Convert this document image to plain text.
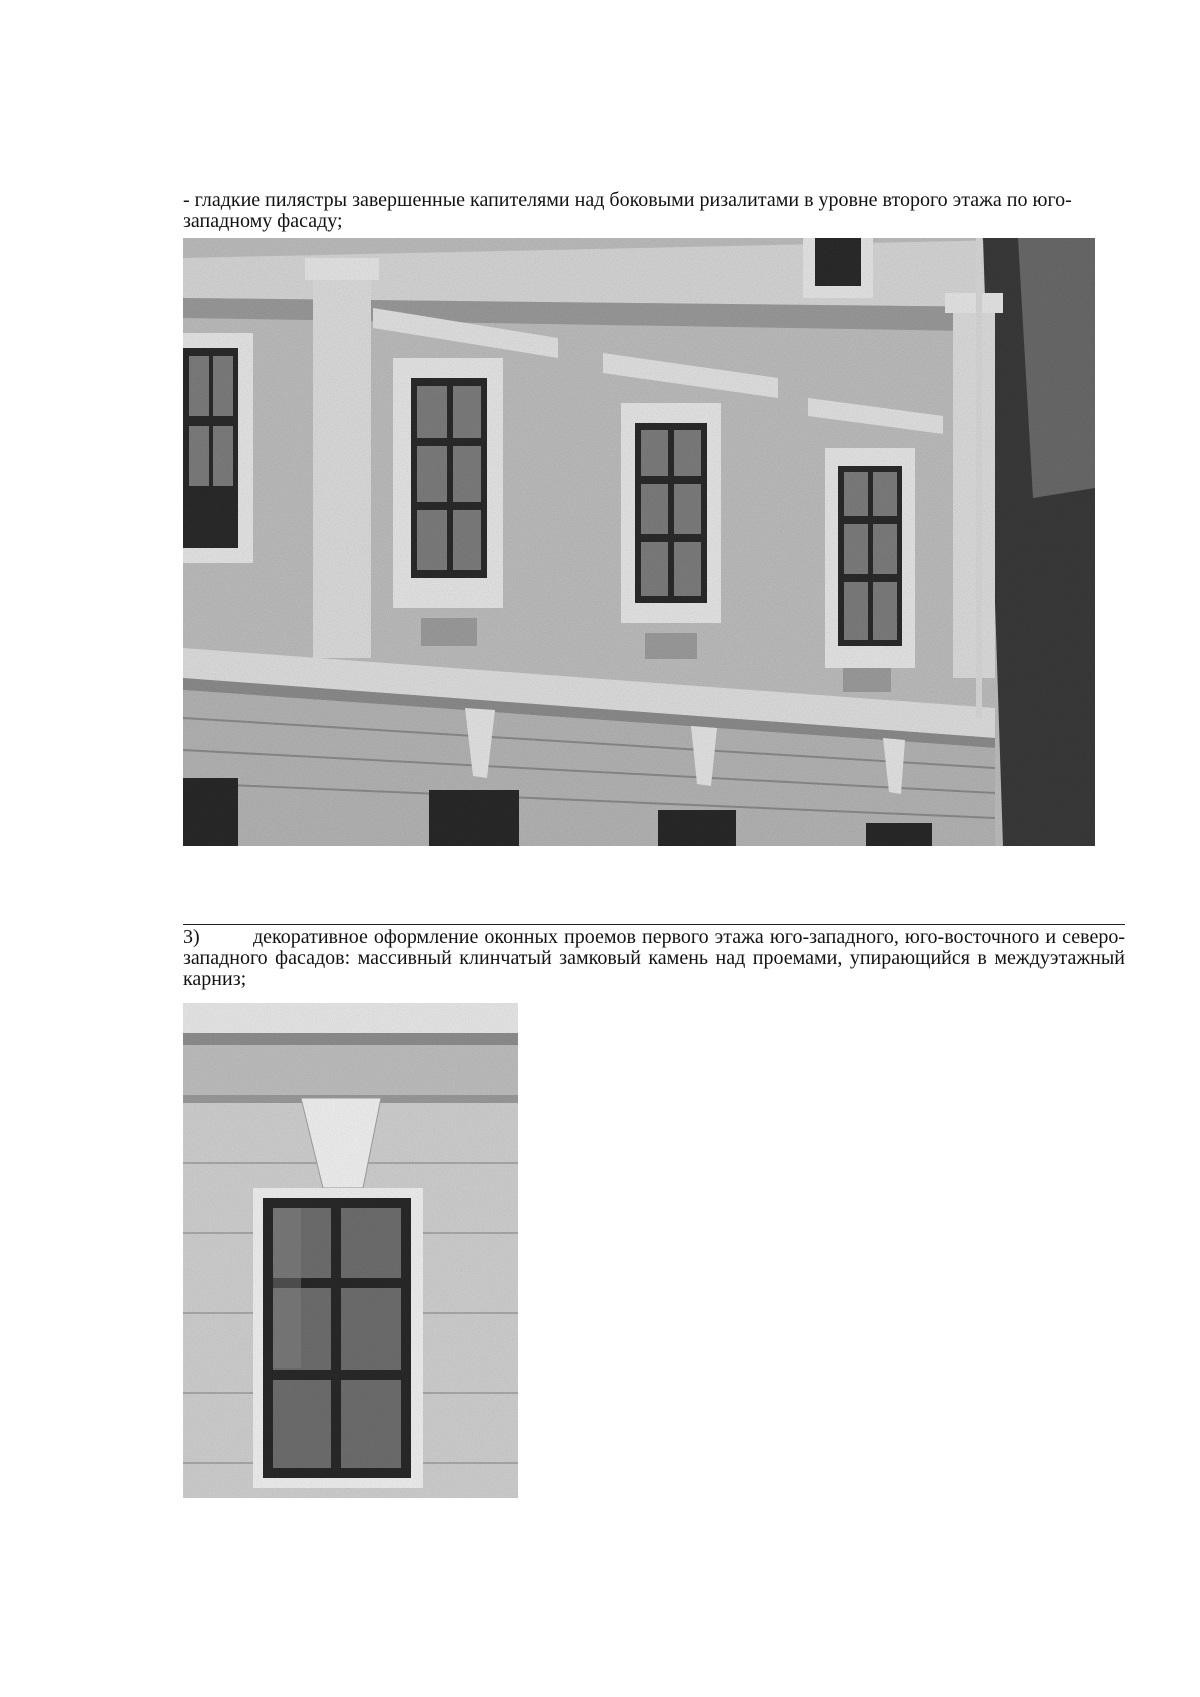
- гладкие пилястры завершенные капителями над боковыми ризалитами в уровне второго этажа по юго-западному фасаду;

3)	декоративное оформление оконных проемов первого этажа юго-западного, юго-восточного и северо-западного фасадов: массивный клинчатый замковый камень над проемами, упирающийся в междуэтажный карниз;
